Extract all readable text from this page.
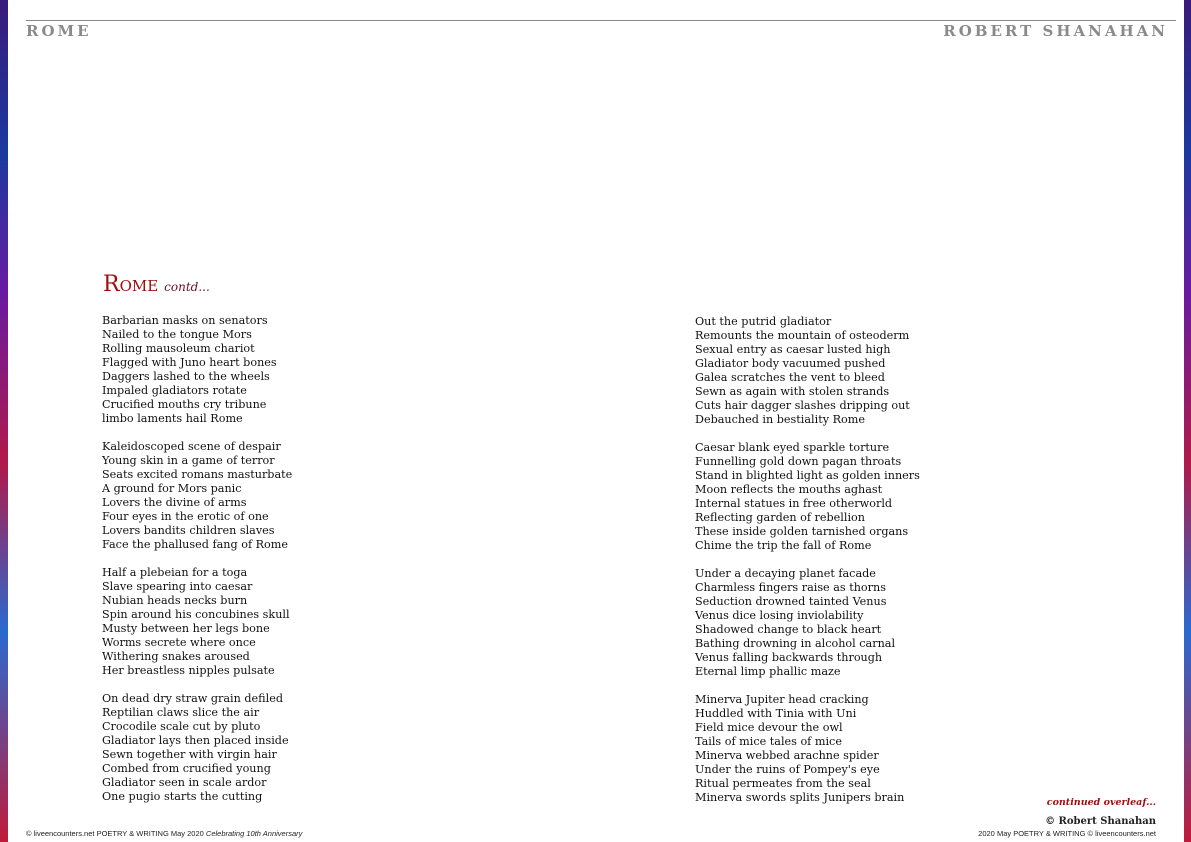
ROME	ROBERT SHANAHAN
Rome contd...
Barbarian masks on senators
Nailed to the tongue Mors
Rolling mausoleum chariot
Flagged with Juno heart bones
Daggers lashed to the wheels
Impaled gladiators rotate
Crucified mouths cry tribune
limbo laments hail Rome
Kaleidoscoped scene of despair
Young skin in a game of terror
Seats excited romans masturbate
A ground for Mors panic
Lovers the divine of arms
Four eyes in the erotic of one
Lovers bandits children slaves
Face the phallused fang of Rome
Half a plebeian for a toga
Slave spearing into caesar
Nubian heads necks burn
Spin around his concubines skull
Musty between her legs bone
Worms secrete where once
Withering snakes aroused
Her breastless nipples pulsate
On dead dry straw grain defiled
Reptilian claws slice the air
Crocodile scale cut by pluto
Gladiator lays then placed inside
Sewn together with virgin hair
Combed from crucified young
Gladiator seen in scale ardor
One pugio starts the cutting
Out the putrid gladiator
Remounts the mountain of osteoderm
Sexual entry as caesar lusted high
Gladiator body vacuumed pushed
Galea scratches the vent to bleed
Sewn as again with stolen strands
Cuts hair dagger slashes dripping out
Debauched in bestiality Rome
Caesar blank eyed sparkle torture
Funnelling gold down pagan throats
Stand in blighted light as golden inners
Moon reflects the mouths aghast
Internal statues in free otherworld
Reflecting garden of rebellion
These inside golden tarnished organs
Chime the trip the fall of Rome
Under a decaying planet facade
Charmless fingers raise as thorns
Seduction drowned tainted Venus
Venus dice losing inviolability
Shadowed change to black heart
Bathing drowning in alcohol carnal
Venus falling backwards through
Eternal limp phallic maze
Minerva Jupiter head cracking
Huddled with Tinia with Uni
Field mice devour the owl
Tails of mice tales of mice
Minerva webbed arachne spider
Under the ruins of Pompey's eye
Ritual permeates from the seal
Minerva swords splits Junipers brain	continued overleaf...
© Robert Shanahan
© liveencounters.net POETRY & WRITING May 2020 Celebrating 10th Anniversary	2020 May POETRY & WRITING © liveencounters.net
